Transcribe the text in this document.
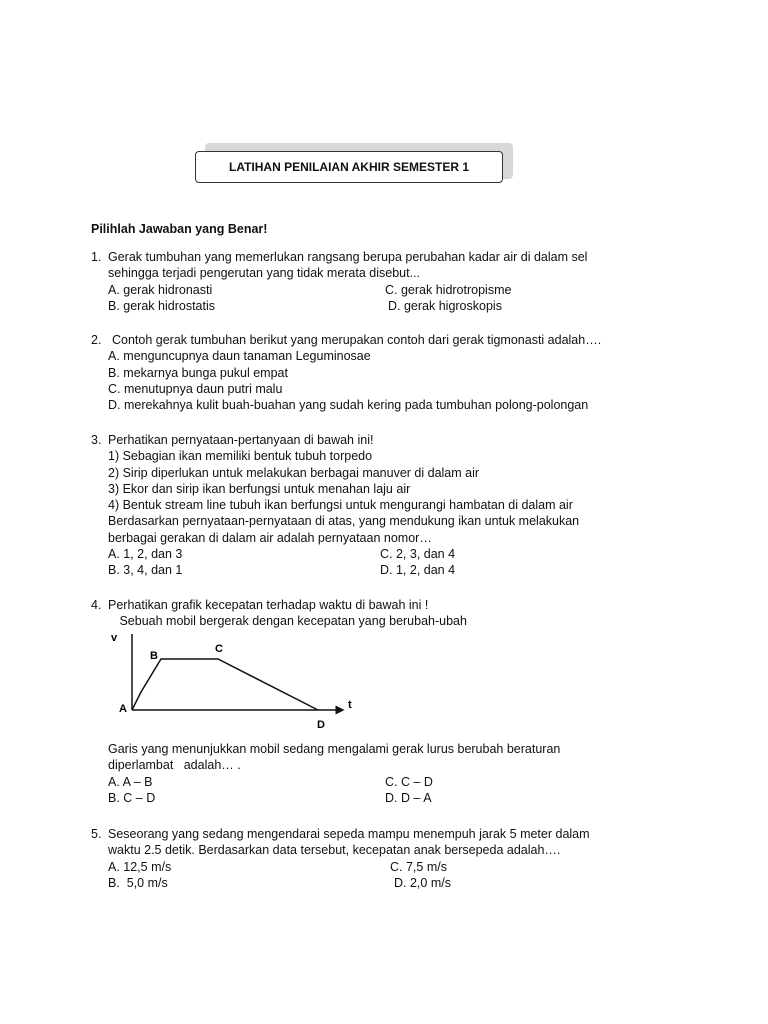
LATIHAN PENILAIAN AKHIR SEMESTER 1
Pilihlah Jawaban yang Benar!
1. Gerak tumbuhan yang memerlukan rangsang berupa perubahan kadar air di dalam sel
sehingga terjadi pengerutan yang tidak merata disebut...
A. gerak hidronasti	C. gerak hidrotropisme
B. gerak hidrostatis	D. gerak higroskopis
2. Contoh gerak tumbuhan berikut yang merupakan contoh dari gerak tigmonasti adalah….
A. menguncupnya daun tanaman Leguminosae
B. mekarnya bunga pukul empat
C. menutupnya daun putri malu
D. merekahnya kulit buah-buahan yang sudah kering pada tumbuhan polong-polongan
3. Perhatikan pernyataan-pertanyaan di bawah ini!
1) Sebagian ikan memiliki bentuk tubuh torpedo
2) Sirip diperlukan untuk melakukan berbagai manuver di dalam air
3) Ekor dan sirip ikan berfungsi untuk menahan laju air
4) Bentuk stream line tubuh ikan berfungsi untuk mengurangi hambatan di dalam air
Berdasarkan pernyataan-pernyataan di atas, yang mendukung ikan untuk melakukan
berbagai gerakan di dalam air adalah pernyataan nomor…
A. 1, 2, dan 3	C. 2, 3, dan 4
B. 3, 4, dan 1	D. 1, 2, dan 4
4. Perhatikan grafik kecepatan terhadap waktu di bawah ini !
Sebuah mobil bergerak dengan kecepatan yang berubah-ubah
v
t
A
B
C
D
Garis yang menunjukkan mobil sedang mengalami gerak lurus berubah beraturan
diperlambat   adalah… .
A. A – B	C. C – D
B. C – D	D. D – A
5. Seseorang yang sedang mengendarai sepeda mampu menempuh jarak 5 meter dalam
waktu 2.5 detik. Berdasarkan data tersebut, kecepatan anak bersepeda adalah….
A. 12,5 m/s	C. 7,5 m/s
B.  5,0 m/s	D. 2,0 m/s
